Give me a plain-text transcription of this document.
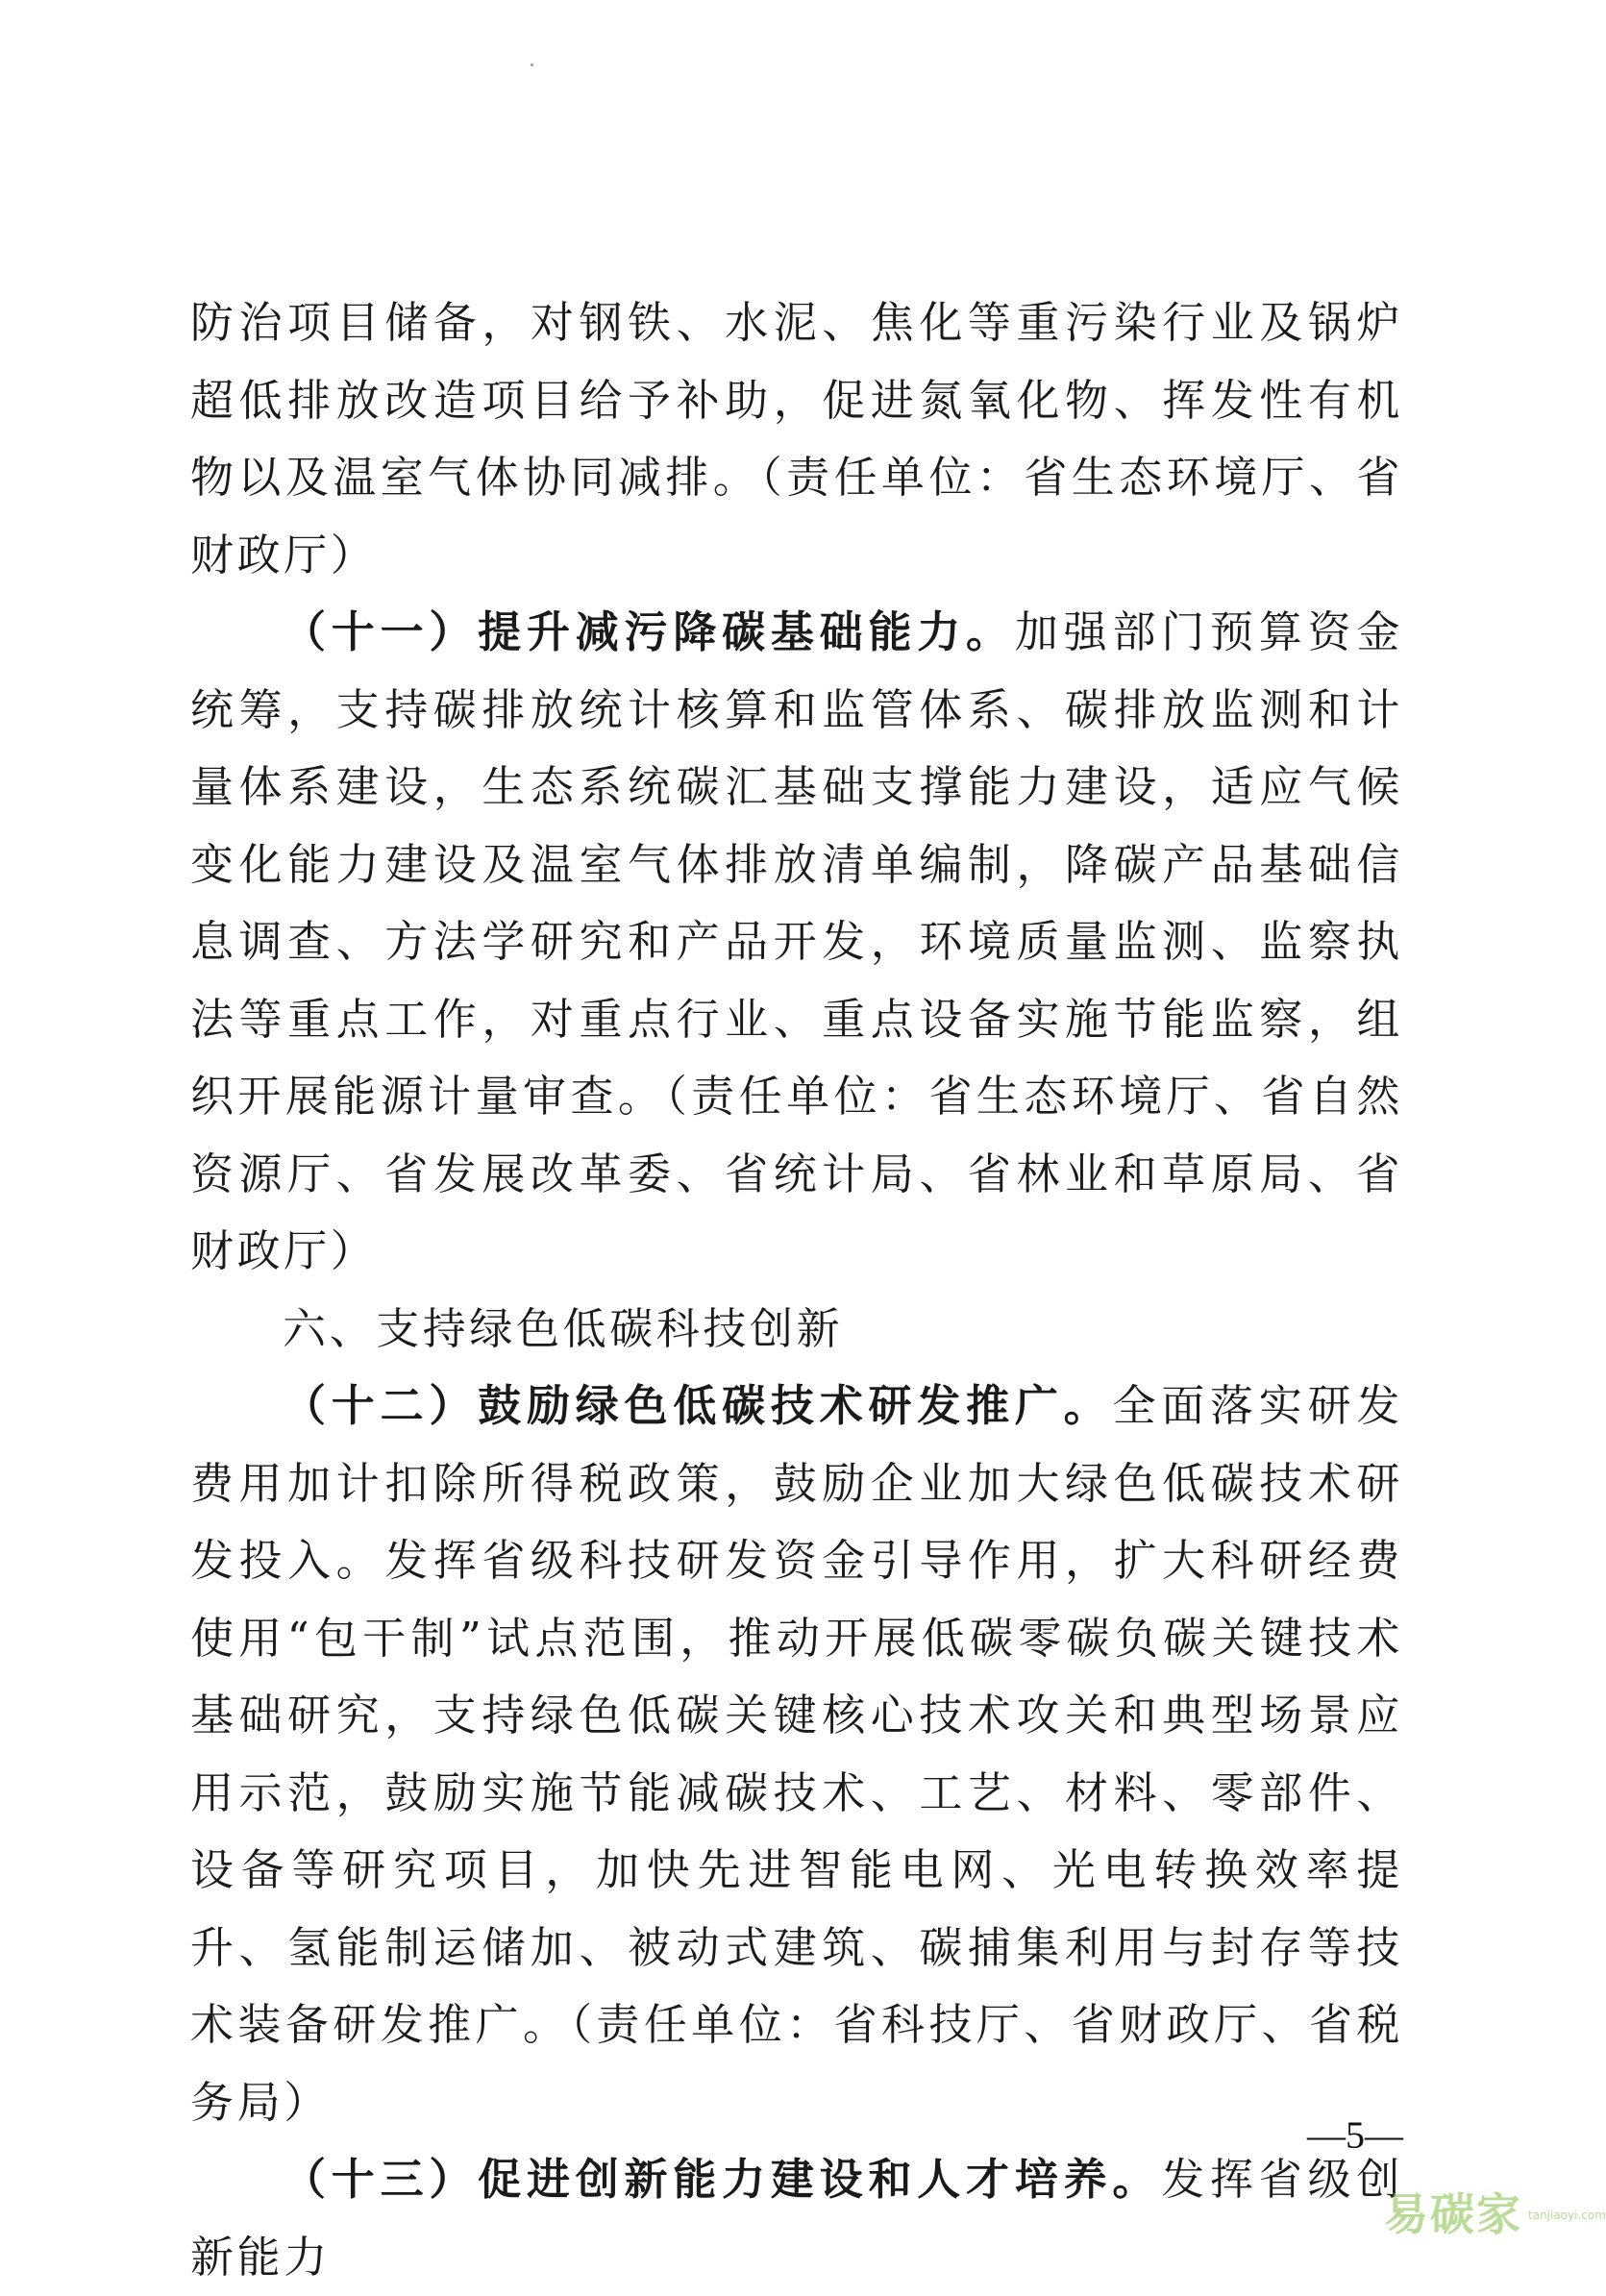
防治项目储备，对钢铁、水泥、焦化等重污染行业及锅炉超低排放改造项目给予补助，促进氮氧化物、挥发性有机物以及温室气体协同减排。（责任单位：省生态环境厅、省财政厅）

（十一）提升减污降碳基础能力。加强部门预算资金统筹，支持碳排放统计核算和监管体系、碳排放监测和计量体系建设，生态系统碳汇基础支撑能力建设，适应气候变化能力建设及温室气体排放清单编制，降碳产品基础信息调查、方法学研究和产品开发，环境质量监测、监察执法等重点工作，对重点行业、重点设备实施节能监察，组织开展能源计量审查。（责任单位：省生态环境厅、省自然资源厅、省发展改革委、省统计局、省林业和草原局、省财政厅）

六、支持绿色低碳科技创新

（十二）鼓励绿色低碳技术研发推广。全面落实研发费用加计扣除所得税政策，鼓励企业加大绿色低碳技术研发投入。发挥省级科技研发资金引导作用，扩大科研经费使用“包干制”试点范围，推动开展低碳零碳负碳关键技术基础研究，支持绿色低碳关键核心技术攻关和典型场景应用示范，鼓励实施节能减碳技术、工艺、材料、零部件、设备等研究项目，加快先进智能电网、光电转换效率提升、氢能制运储加、被动式建筑、碳捕集利用与封存等技术装备研发推广。（责任单位：省科技厅、省财政厅、省税务局）

（十三）促进创新能力建设和人才培养。发挥省级创新能力

—5—
易碳家 tanjiaoyi.com
